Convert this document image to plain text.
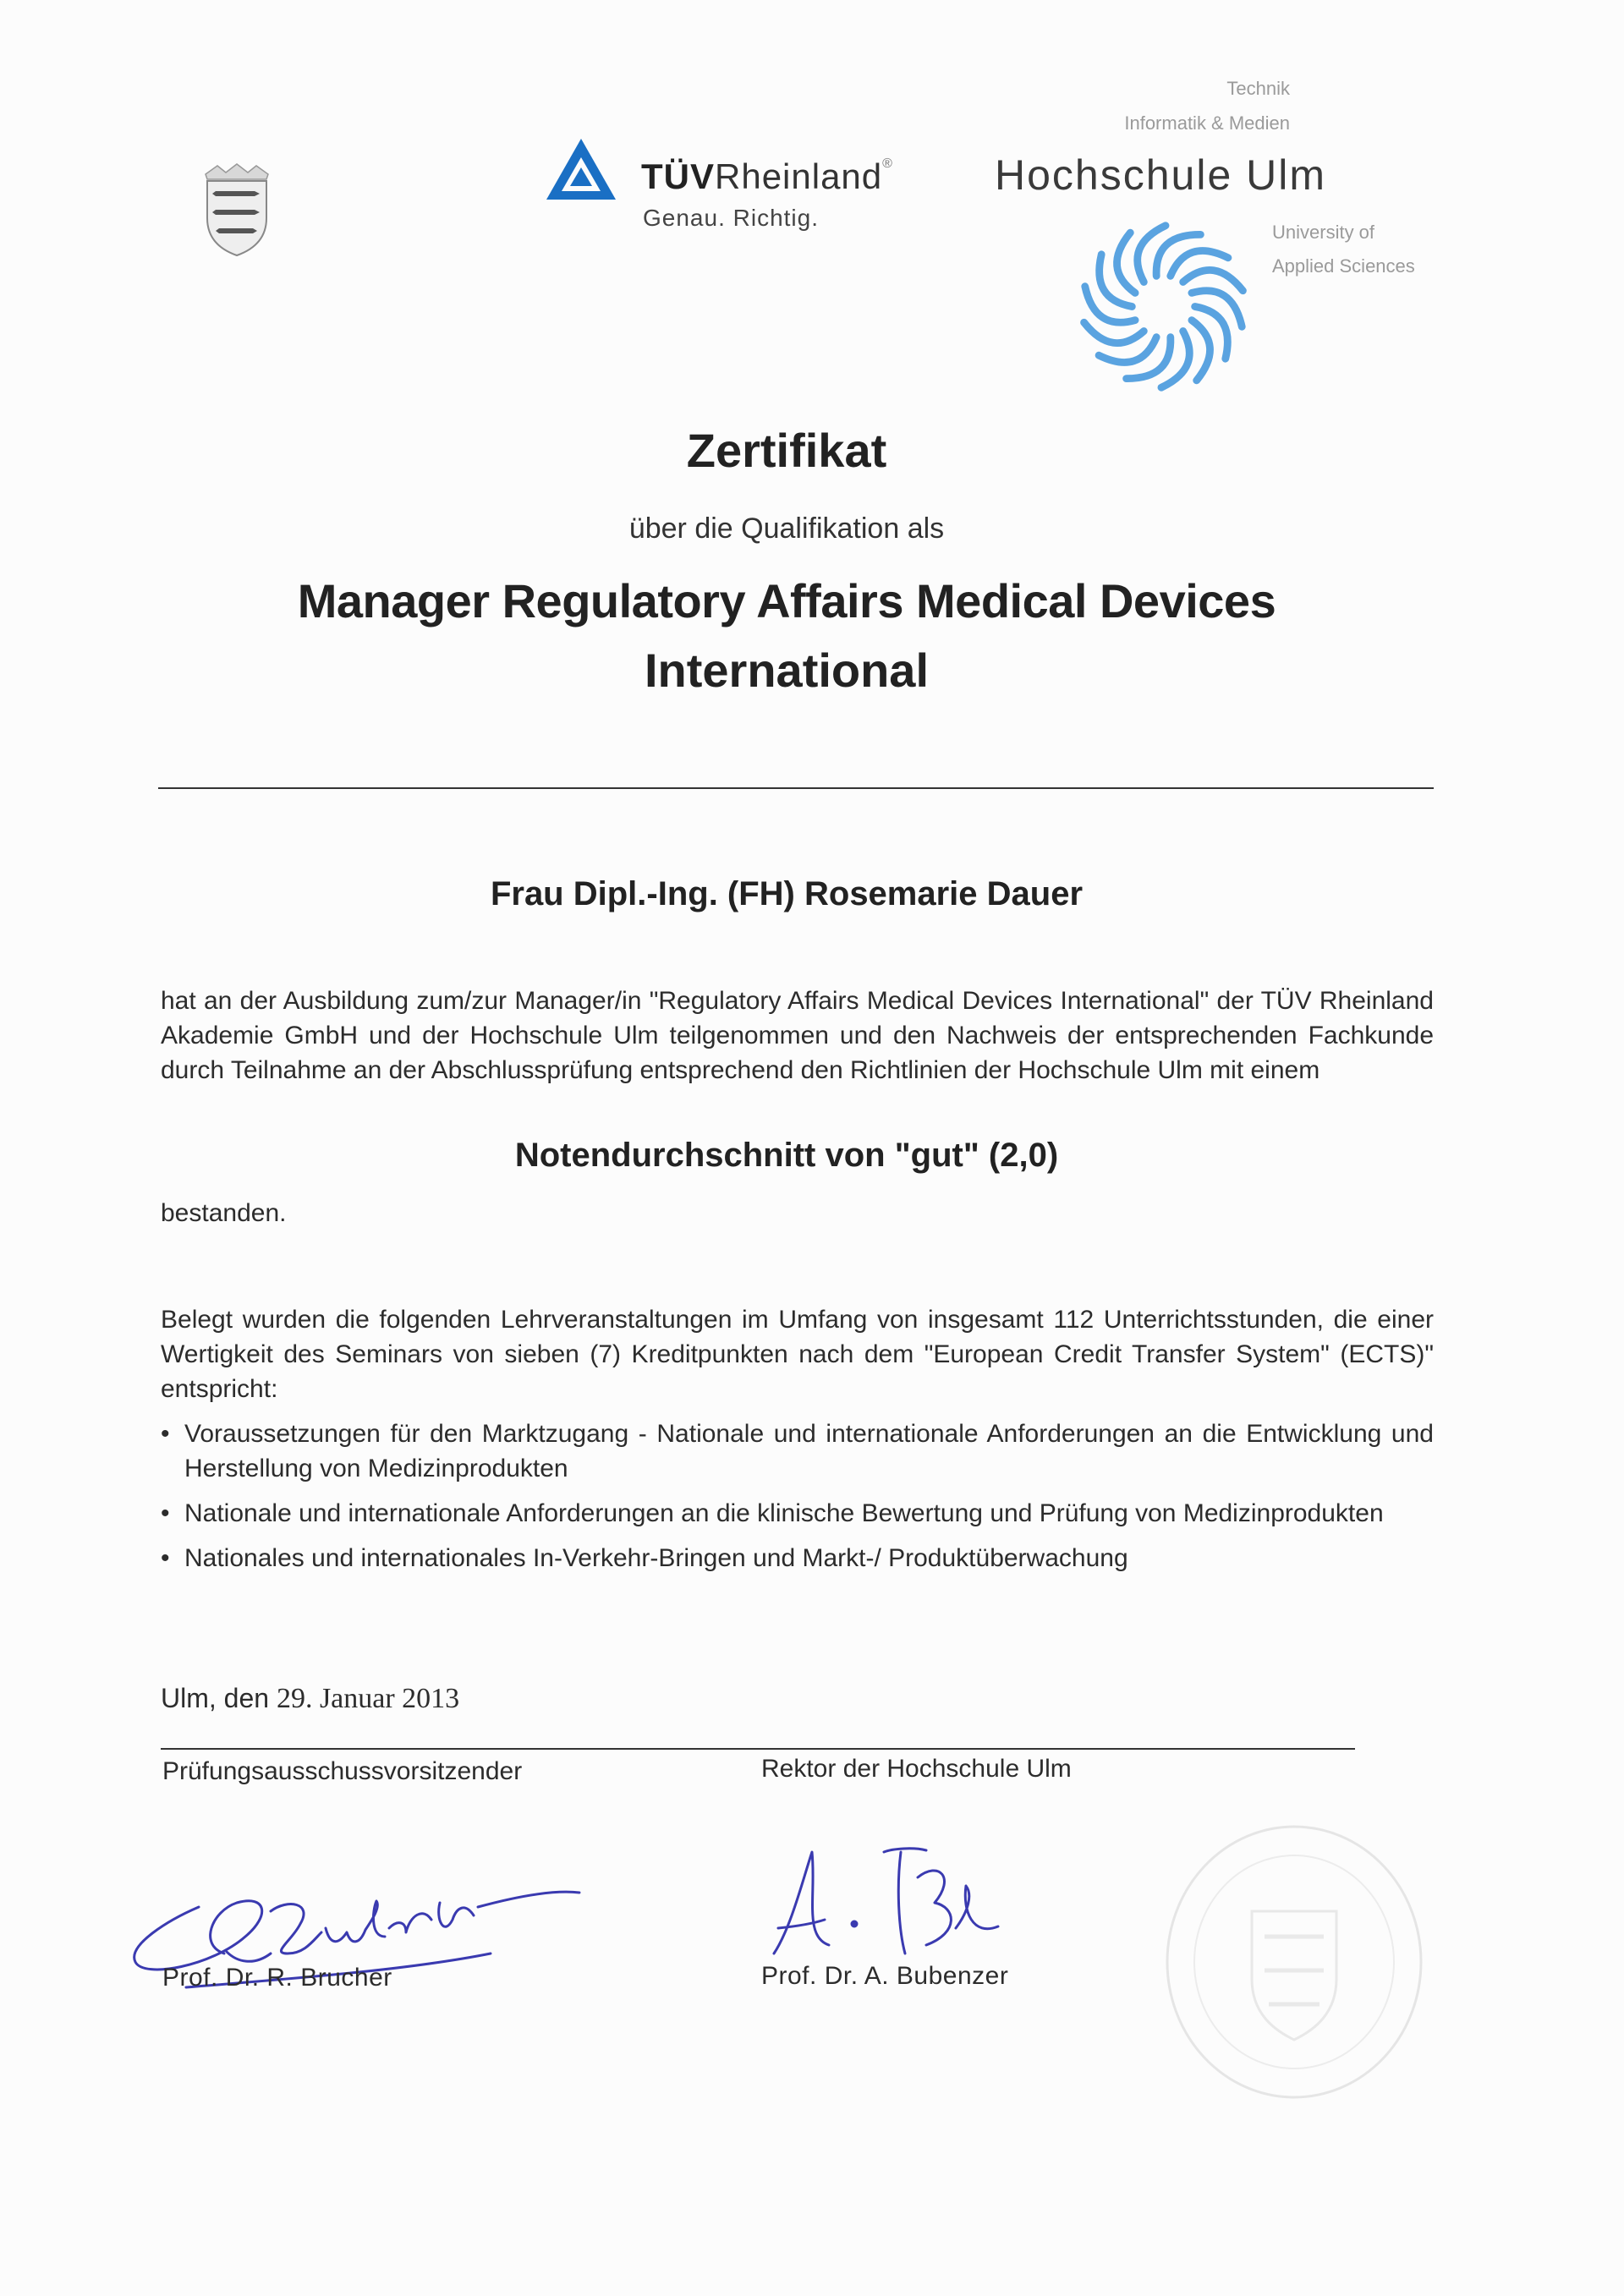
TÜVRheinland®
Genau. Richtig.
Technik
Informatik & Medien
Hochschule Ulm
University of
Applied Sciences
Zertifikat
über die Qualifikation als
Manager Regulatory Affairs Medical Devices
International
Frau Dipl.-Ing. (FH) Rosemarie Dauer
hat an der Ausbildung zum/zur Manager/in "Regulatory Affairs Medical Devices International" der TÜV Rheinland Akademie GmbH und der Hochschule Ulm teilgenommen und den Nachweis der entsprechenden Fachkunde durch Teilnahme an der Abschlussprüfung entsprechend den Richtlinien der Hochschule Ulm mit einem
Notendurchschnitt von "gut" (2,0)
bestanden.
Belegt wurden die folgenden Lehrveranstaltungen im Umfang von insgesamt 112 Unterrichtsstunden, die einer Wertigkeit des Seminars von sieben (7) Kreditpunkten nach dem "European Credit Transfer System" (ECTS)" entspricht:
• Voraussetzungen für den Marktzugang - Nationale und internationale Anforderungen an die Entwicklung und Herstellung von Medizinprodukten
• Nationale und internationale Anforderungen an die klinische Bewertung und Prüfung von Medizinprodukten
• Nationales und internationales In-Verkehr-Bringen und Markt-/ Produktüberwachung
Ulm, den 29. Januar 2013
Prüfungsausschussvorsitzender	Rektor der Hochschule Ulm
Prof. Dr. R. Brucher	Prof. Dr. A. Bubenzer
